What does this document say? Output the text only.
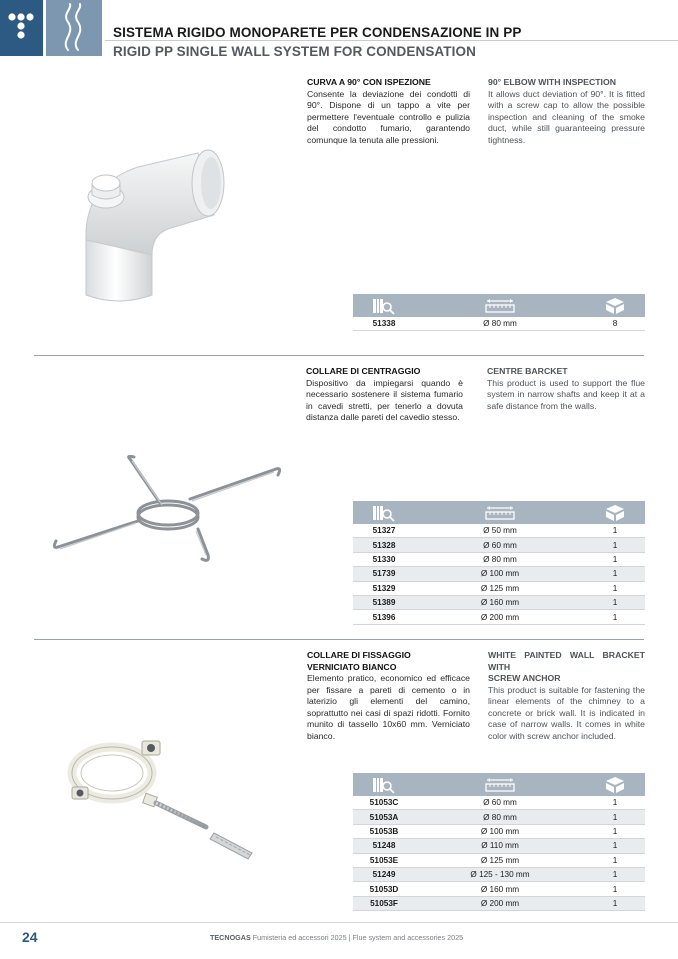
SISTEMA RIGIDO MONOPARETE PER CONDENSAZIONE IN PP
RIGID PP SINGLE WALL SYSTEM FOR CONDENSATION
CURVA A 90° CON ISPEZIONE
Consente la deviazione dei condotti di 90°. Dispone di un tappo a vite per permettere l'eventuale controllo e pulizia del condotto fumario, garantendo comunque la tenuta alle pressioni.
90° ELBOW WITH INSPECTION
It allows duct deviation of 90°. It is fitted with a screw cap to allow the possible inspection and cleaning of the smoke duct, while still guaranteeing pressure tightness.
51338	Ø 80 mm	8
COLLARE DI CENTRAGGIO
Dispositivo da impiegarsi quando è necessario sostenere il sistema fumario in cavedi stretti, per tenerlo a dovuta distanza dalle pareti del cavedio stesso.
CENTRE BARCKET
This product is used to support the flue system in narrow shafts and keep it at a safe distance from the walls.
51327	Ø 50 mm	1
51328	Ø 60 mm	1
51330	Ø 80 mm	1
51739	Ø 100 mm	1
51329	Ø 125 mm	1
51389	Ø 160 mm	1
51396	Ø 200 mm	1
COLLARE DI FISSAGGIO
VERNICIATO BIANCO
Elemento pratico, economico ed efficace per fissare a pareti di cemento o in laterizio gli elementi del camino, soprattutto nei casi di spazi ridotti. Fornito munito di tassello 10x60 mm. Verniciato bianco.
WHITE PAINTED WALL BRACKET WITH
SCREW ANCHOR
This product is suitable for fastening the linear elements of the chimney to a concrete or brick wall. It is indicated in case of narrow walls. It comes in white color with screw anchor included.
51053C	Ø 60 mm	1
51053A	Ø 80 mm	1
51053B	Ø 100 mm	1
51248	Ø 110 mm	1
51053E	Ø 125 mm	1
51249	Ø 125 - 130 mm	1
51053D	Ø 160 mm	1
51053F	Ø 200 mm	1
24	TECNOGAS Fumisteria ed accessori 2025 | Flue system and accessories 2025
